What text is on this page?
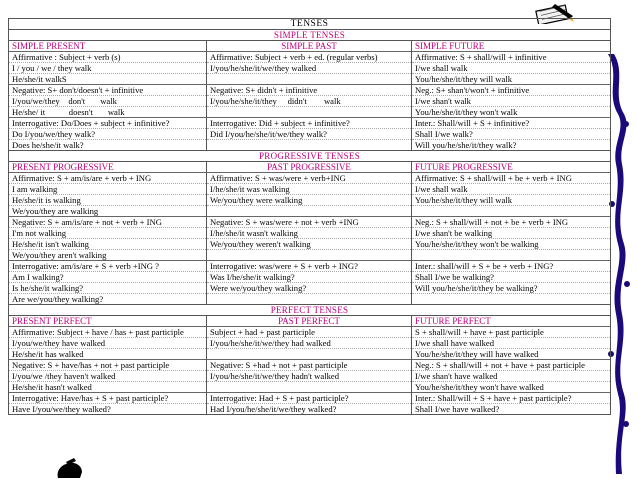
TENSES		
SIMPLE TENSES		
SIMPLE PRESENT	SIMPLE PAST	SIMPLE FUTURE
Affirmative : Subject + verb (s)	Affirmative: Subject + verb + ed. (regular verbs)	Affirmative: S + shall/will + infinitive
I / you / we / they walk	I/you/he/she/it/we/they walked	I/we shall walk
He/she/it walkS		You/he/she/it/they will walk
Negative: S+ don't/doesn't + infinitive	Negative: S+ didn't + infinitive	Neg.: S+ shan't/won't + infinitive
I/you/we/they    don't       walk	I/you/he/she/it/they     didn't        walk	I/we shan't walk
He/she/ it           doesn't       walk		You/he/she/it/they won't walk
Interrogative: Do/Does + subject + infinitive?	Interrogative: Did + subject + infinitive?	Inter.: Shall/will + S + infinitive?
Do I/you/we/they walk?	Did I/you/he/she/it/we/they walk?	Shall I/we walk?
Does he/she/it walk?		Will you/he/she/it/they walk?
PROGRESSIVE TENSES		
PRESENT PROGRESSIVE	PAST PROGRESSIVE	FUTURE PROGRESSIVE
Affirmative: S + am/is/are + verb + ING	Affirmative: S + was/were + verb+ING	Affirmative: S + shall/will + be + verb + ING
I am walking	I/he/she/it was walking	I/we shall walk
He/she/it is walking	We/you/they were walking	You/he/she/it/they will walk
We/you/they are walking		
Negative: S + am/is/are + not + verb + ING	Negative: S + was/were + not + verb +ING	Neg.: S + shall/will + not + be + verb + ING
I'm not walking	I/he/she/it wasn't walking	I/we shan't be walking
He/she/it isn't walking	We/you/they weren't walking	You/he/she/it/they won't be walking
We/you/they aren't walking		
Interrogative: am/is/are + S + verb +ING ?	Interrogative: was/were + S + verb + ING?	Inter.: shall/will + S + be + verb + ING?
Am I walking?	Was I/he/she/it walking?	Shall I/we be walking?
Is he/she/it walking?	Were we/you/they walking?	Will you/he/she/it/they be walking?
Are we/you/they walking?		
PERFECT TENSES		
PRESENT PERFECT	PAST PERFECT	FUTURE PERFECT
Affirmative: Subject + have / has + past participle	Subject + had + past participle	S + shall/will + have + past participle
I/you/we/they have walked	I/you/he/she/it/we/they had walked	I/we shall have walked
He/she/it has walked		You/he/she/it/they will have walked
Negative: S + have/has + not + past participle	Negative: S +had + not + past participle	Neg.: S + shall/will + not + have + past participle
I/you/we /they haven't walked	I/you/he/she/it/we/they hadn't walked	I/we shan't have walked
He/she/it hasn't walked		You/he/she/it/they won't have walked
Interrogative: Have/has + S + past participle?	Interrogative: Had + S + past participle?	Inter.: Shall/will + S + have + past participle?
Have I/you/we/they walked?	Had I/you/he/she/it/we/they walked?	Shall I/we have walked?
